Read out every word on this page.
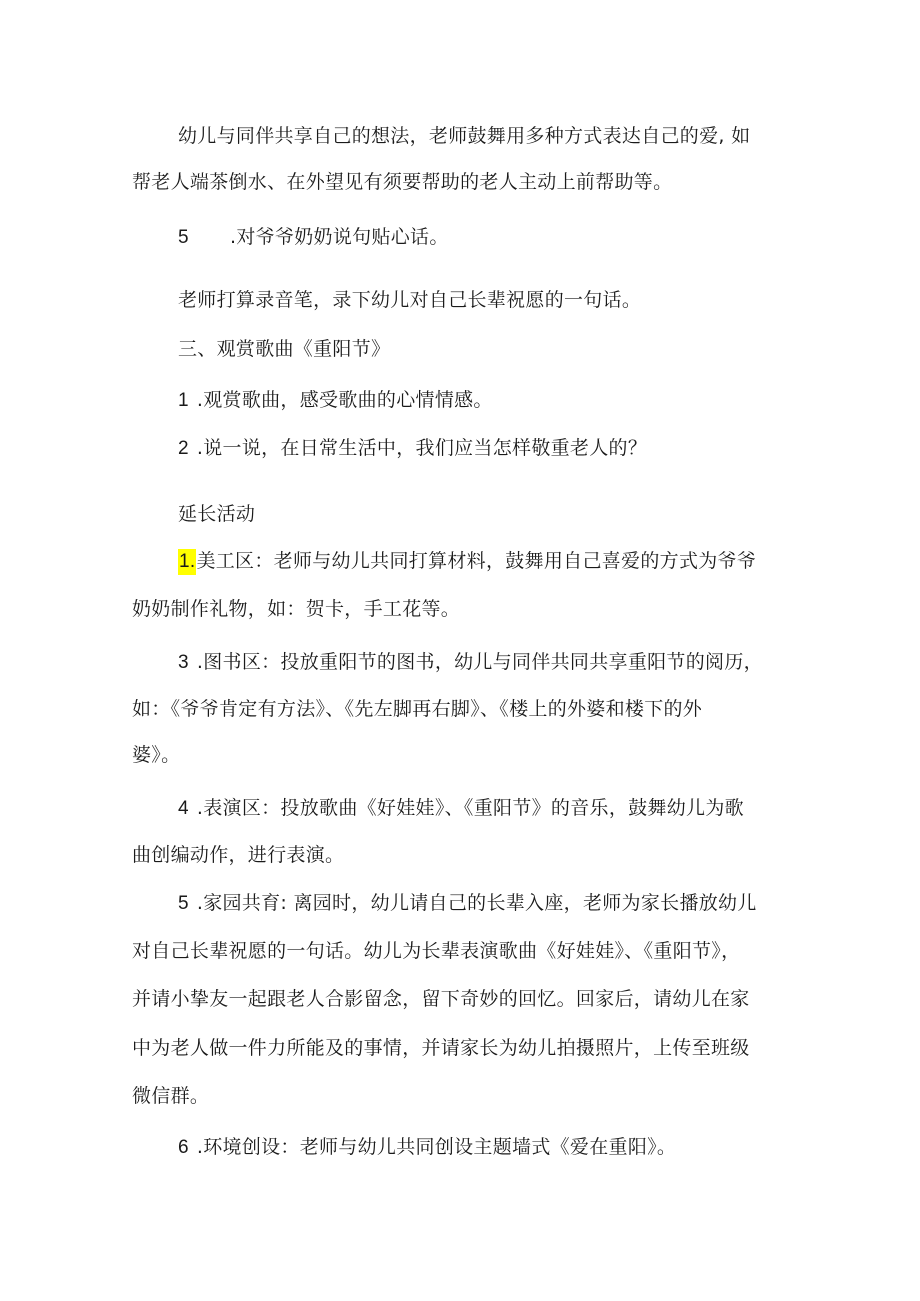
幼儿与同伴共享自己的想法，老师鼓舞用多种方式表达自己的爱, 如
帮老人端茶倒水、在外望见有须要帮助的老人主动上前帮助等。
5 .对爷爷奶奶说句贴心话。
老师打算录音笔，录下幼儿对自己长辈祝愿的一句话。
三、观赏歌曲《重阳节》
1 .观赏歌曲，感受歌曲的心情情感。
2 .说一说，在日常生活中，我们应当怎样敬重老人的？
延长活动
1.美工区：老师与幼儿共同打算材料，鼓舞用自己喜爱的方式为爷爷
奶奶制作礼物，如：贺卡，手工花等。
3 .图书区：投放重阳节的图书，幼儿与同伴共同共享重阳节的阅历，
如：《爷爷肯定有方法》、《先左脚再右脚》、《楼上的外婆和楼下的外
婆》。
4 .表演区：投放歌曲《好娃娃》、《重阳节》的音乐，鼓舞幼儿为歌
曲创编动作，进行表演。
5 .家园共育: 离园时，幼儿请自己的长辈入座，老师为家长播放幼儿
对自己长辈祝愿的一句话。幼儿为长辈表演歌曲《好娃娃》、《重阳节》，
并请小挚友一起跟老人合影留念，留下奇妙的回忆。回家后，请幼儿在家
中为老人做一件力所能及的事情，并请家长为幼儿拍摄照片，上传至班级
微信群。
6 .环境创设：老师与幼儿共同创设主题墙式《爱在重阳》。
